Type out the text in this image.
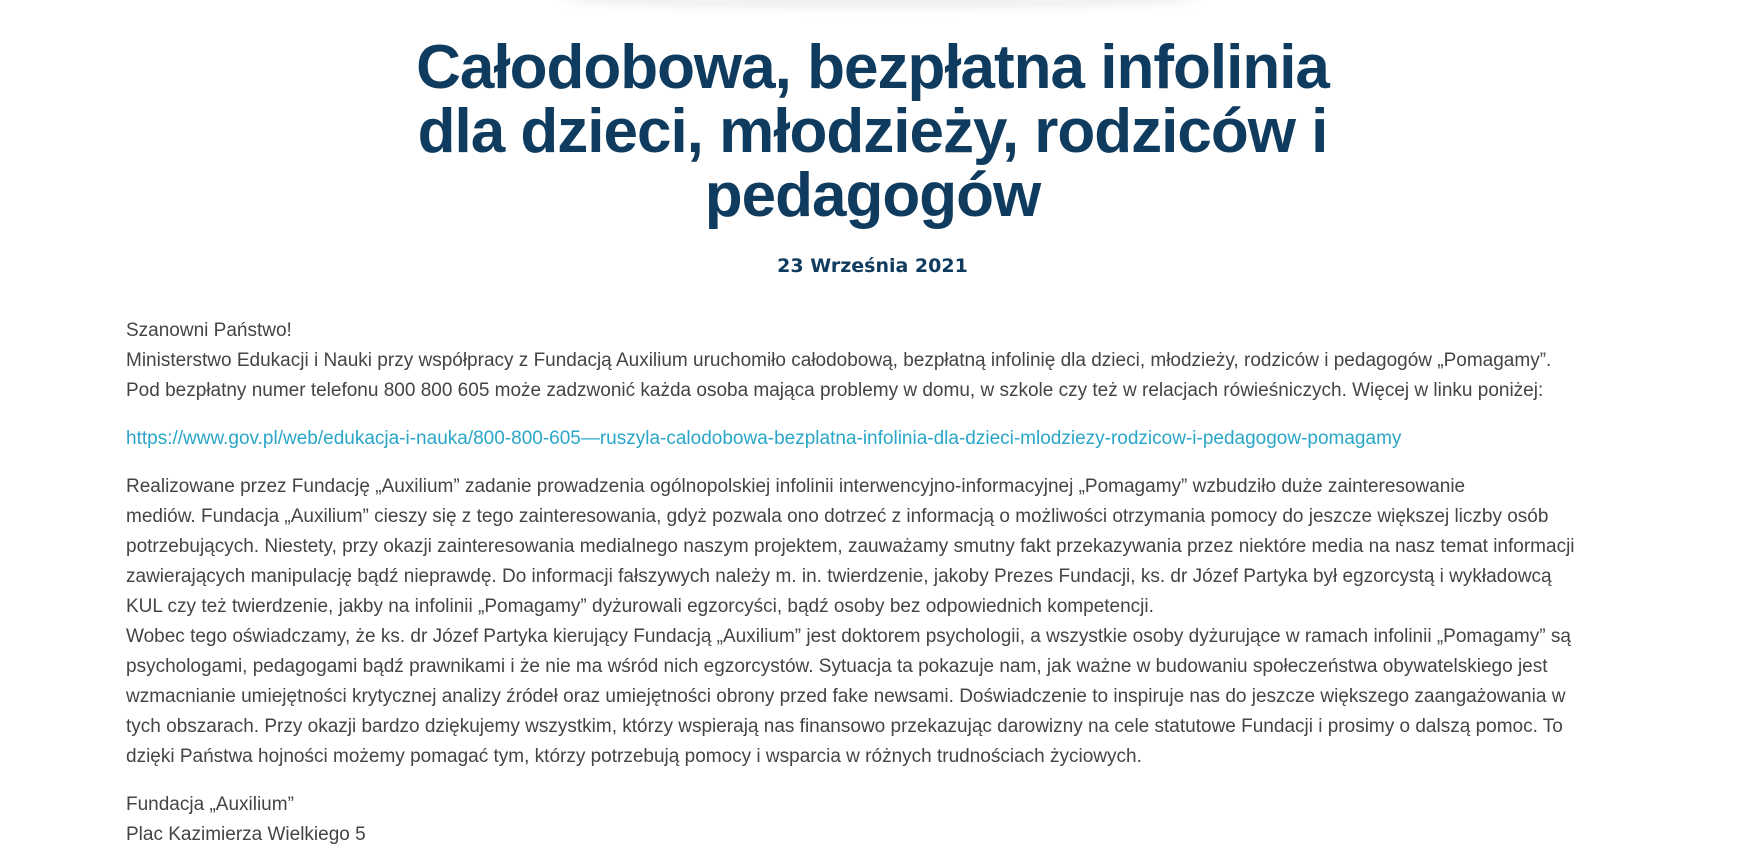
Całodobowa, bezpłatna infolinia
dla dzieci, młodzieży, rodziców i
pedagogów
23 Września 2021

Szanowni Państwo!

Ministerstwo Edukacji i Nauki przy współpracy z Fundacją Auxilium uruchomiło całodobową, bezpłatną infolinię dla dzieci, młodzieży, rodziców i pedagogów „Pomagamy”.

Pod bezpłatny numer telefonu 800 800 605 może zadzwonić każda osoba mająca problemy w domu, w szkole czy też w relacjach rówieśniczych. Więcej w linku poniżej:

https://www.gov.pl/web/edukacja-i-nauka/800-800-605—ruszyla-calodobowa-bezplatna-infolinia-dla-dzieci-mlodziezy-rodzicow-i-pedagogow-pomagamy

Realizowane przez Fundację „Auxilium” zadanie prowadzenia ogólnopolskiej infolinii interwencyjno-informacyjnej „Pomagamy” wzbudziło duże zainteresowanie

mediów. Fundacja „Auxilium” cieszy się z tego zainteresowania, gdyż pozwala ono dotrzeć z informacją o możliwości otrzymania pomocy do jeszcze większej liczby osób

potrzebujących. Niestety, przy okazji zainteresowania medialnego naszym projektem, zauważamy smutny fakt przekazywania przez niektóre media na nasz temat informacji

zawierających manipulację bądź nieprawdę. Do informacji fałszywych należy m. in. twierdzenie, jakoby Prezes Fundacji, ks. dr Józef Partyka był egzorcystą i wykładowcą

KUL czy też twierdzenie, jakby na infolinii „Pomagamy” dyżurowali egzorcyści, bądź osoby bez odpowiednich kompetencji.

Wobec tego oświadczamy, że ks. dr Józef Partyka kierujący Fundacją „Auxilium” jest doktorem psychologii, a wszystkie osoby dyżurujące w ramach infolinii „Pomagamy” są

psychologami, pedagogami bądź prawnikami i że nie ma wśród nich egzorcystów. Sytuacja ta pokazuje nam, jak ważne w budowaniu społeczeństwa obywatelskiego jest

wzmacnianie umiejętności krytycznej analizy źródeł oraz umiejętności obrony przed fake newsami. Doświadczenie to inspiruje nas do jeszcze większego zaangażowania w

tych obszarach. Przy okazji bardzo dziękujemy wszystkim, którzy wspierają nas finansowo przekazując darowizny na cele statutowe Fundacji i prosimy o dalszą pomoc. To

dzięki Państwa hojności możemy pomagać tym, którzy potrzebują pomocy i wsparcia w różnych trudnościach życiowych.

Fundacja „Auxilium”

Plac Kazimierza Wielkiego 5
